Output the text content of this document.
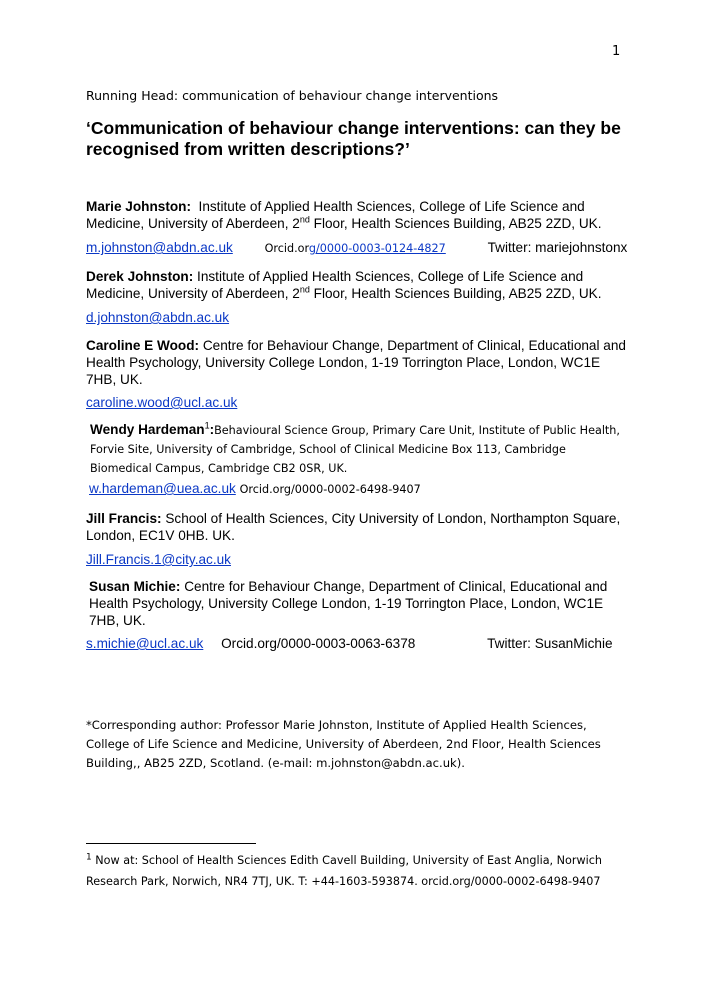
1
Running Head: communication of behaviour change interventions
‘Communication of behaviour change interventions: can they be recognised from written descriptions?’
Marie Johnston: Institute of Applied Health Sciences, College of Life Science and Medicine, University of Aberdeen, 2nd Floor, Health Sciences Building, AB25 2ZD, UK.
m.johnston@abdn.ac.uk	Orcid.org/0000-0003-0124-4827	Twitter: mariejohnstonx
Derek Johnston: Institute of Applied Health Sciences, College of Life Science and Medicine, University of Aberdeen, 2nd Floor, Health Sciences Building, AB25 2ZD, UK.
d.johnston@abdn.ac.uk
Caroline E Wood: Centre for Behaviour Change, Department of Clinical, Educational and Health Psychology, University College London, 1-19 Torrington Place, London, WC1E 7HB, UK.
caroline.wood@ucl.ac.uk
Wendy Hardeman$^1$:Behavioural Science Group, Primary Care Unit, Institute of Public Health, Forvie Site, University of Cambridge, School of Clinical Medicine Box 113, Cambridge Biomedical Campus, Cambridge CB2 0SR, UK.
w.hardeman@uea.ac.uk Orcid.org/0000-0002-6498-9407
Jill Francis: School of Health Sciences, City University of London, Northampton Square, London, EC1V 0HB. UK.
Jill.Francis.1@city.ac.uk
Susan Michie: Centre for Behaviour Change, Department of Clinical, Educational and Health Psychology, University College London, 1-19 Torrington Place, London, WC1E 7HB, UK.
s.michie@ucl.ac.uk Orcid.org/0000-0003-0063-6378	Twitter: SusanMichie
*Corresponding author: Professor Marie Johnston, Institute of Applied Health Sciences, College of Life Science and Medicine, University of Aberdeen, 2nd Floor, Health Sciences Building,, AB25 2ZD, Scotland. (e-mail: m.johnston@abdn.ac.uk).
$^1$ Now at: School of Health Sciences Edith Cavell Building, University of East Anglia, Norwich Research Park, Norwich, NR4 7TJ, UK. T: +44-1603-593874. orcid.org/0000-0002-6498-9407
